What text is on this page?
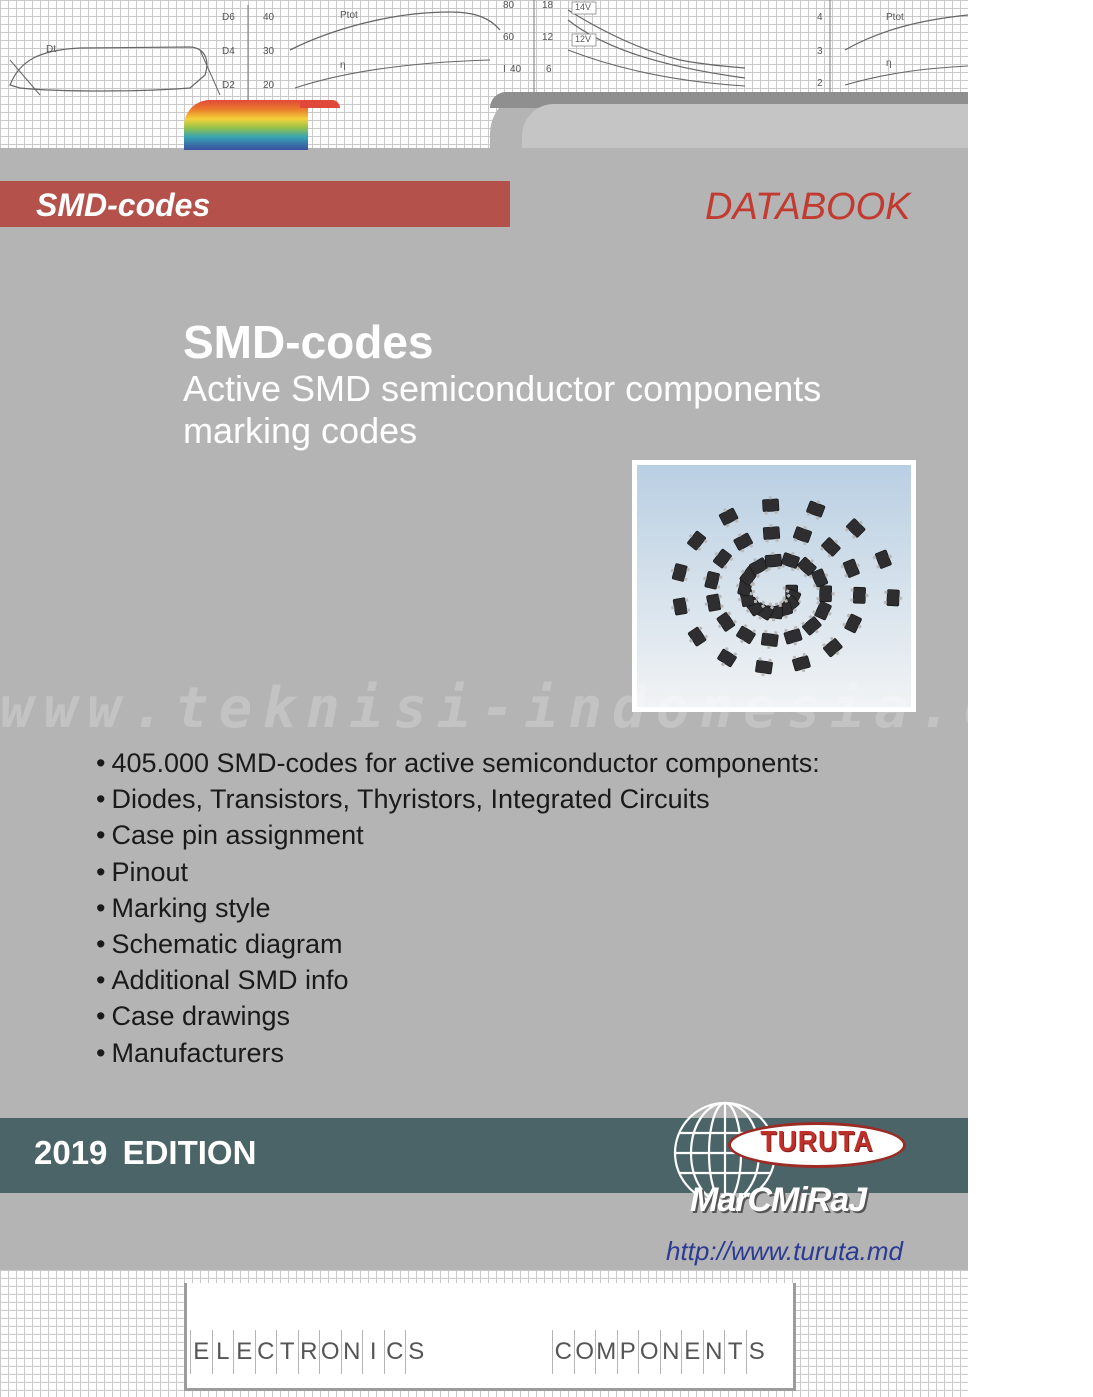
D6
D4
D2
40
30
20
Ptot
η
Dt
80
60
40
I
18
12
6
14V
12V
4
3
2
Ptot
η
SMD-codes	DATABOOK
SMD-codes
Active SMD semiconductor components
marking codes
www.teknisi-indonesia.com
• 405.000 SMD-codes for active semiconductor components:
• Diodes, Transistors, Thyristors, Integrated Circuits
• Case pin assignment
• Pinout
• Marking style
• Schematic diagram
• Additional SMD info
• Case drawings
• Manufacturers
2019 EDITION	TURUTA
MarCMiRaJ
http://www.turuta.md
E L E C T R O N I C S	C O M P O N E N T S
